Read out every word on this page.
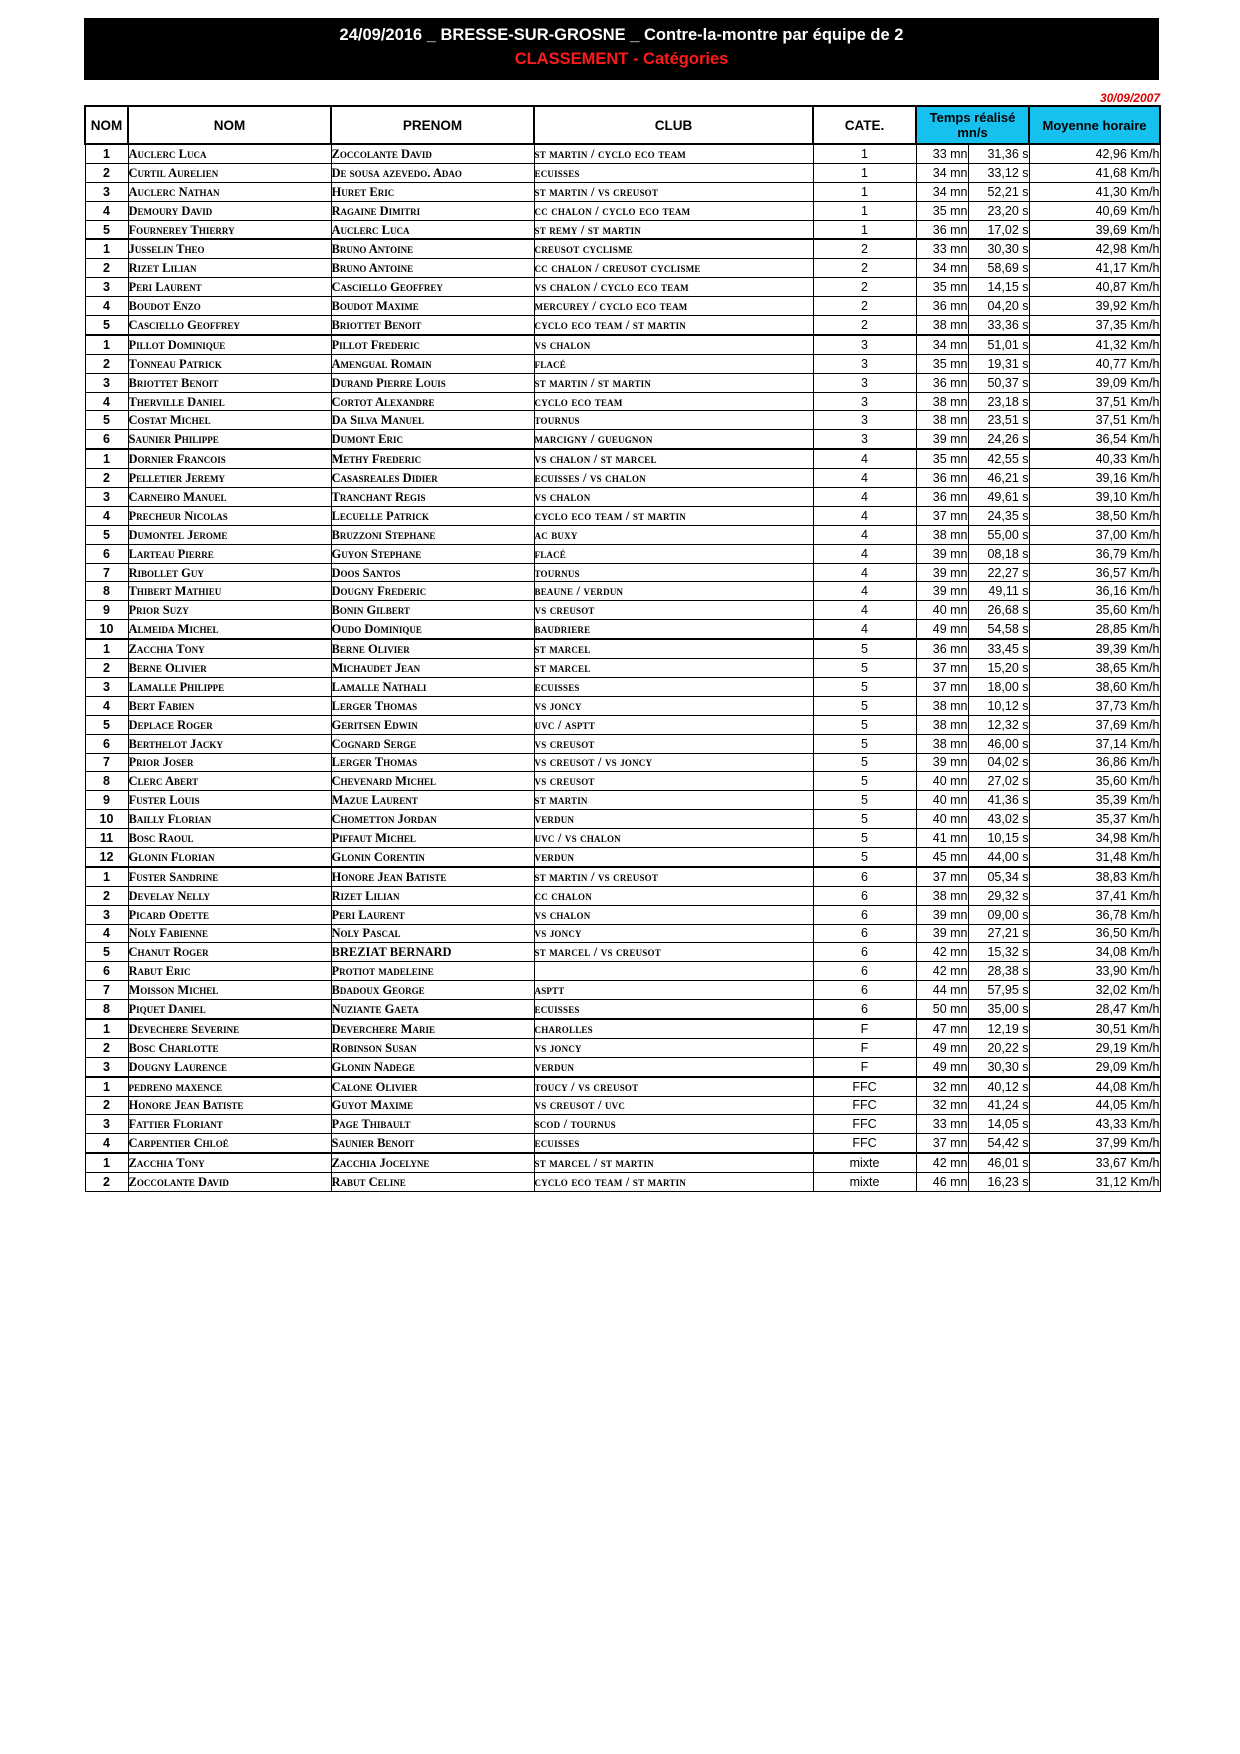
24/09/2016 _ BRESSE-SUR-GROSNE _ Contre-la-montre par équipe de 2
CLASSEMENT - Catégories
30/09/2007
NOM	NOM	PRENOM	CLUB	CATE.	Temps réalisé mn/s		Moyenne horaire
1	Auclerc Luca	Zoccolante David	st martin / cyclo eco team	1	33 mn	31,36 s	42,96 Km/h
2	Curtil Aurelien	De sousa azevedo. Adao	ecuisses	1	34 mn	33,12 s	41,68 Km/h
3	Auclerc Nathan	Huret Eric	st martin / vs creusot	1	34 mn	52,21 s	41,30 Km/h
4	Demoury David	Ragaine Dimitri	cc chalon / cyclo eco team	1	35 mn	23,20 s	40,69 Km/h
5	Fournerey Thierry	Auclerc Luca	st remy / st martin	1	36 mn	17,02 s	39,69 Km/h
1	Jusselin Theo	Bruno Antoine	creusot cyclisme	2	33 mn	30,30 s	42,98 Km/h
2	Rizet Lilian	Bruno Antoine	cc chalon / creusot cyclisme	2	34 mn	58,69 s	41,17 Km/h
3	Peri Laurent	Casciello Geoffrey	vs chalon / cyclo eco team	2	35 mn	14,15 s	40,87 Km/h
4	Boudot Enzo	Boudot Maxime	mercurey / cyclo eco team	2	36 mn	04,20 s	39,92 Km/h
5	Casciello Geoffrey	Briottet Benoit	cyclo eco team / st martin	2	38 mn	33,36 s	37,35 Km/h
1	Pillot Dominique	Pillot Frederic	vs chalon	3	34 mn	51,01 s	41,32 Km/h
2	Tonneau Patrick	Amengual Romain	flacé	3	35 mn	19,31 s	40,77 Km/h
3	Briottet Benoit	Durand Pierre Louis	st martin / st martin	3	36 mn	50,37 s	39,09 Km/h
4	Therville Daniel	Cortot Alexandre	cyclo eco team	3	38 mn	23,18 s	37,51 Km/h
5	Costat Michel	Da Silva Manuel	tournus	3	38 mn	23,51 s	37,51 Km/h
6	Saunier Philippe	Dumont Eric	marcigny / gueugnon	3	39 mn	24,26 s	36,54 Km/h
1	Dornier Francois	Methy Frederic	vs chalon / st marcel	4	35 mn	42,55 s	40,33 Km/h
2	Pelletier Jeremy	Casasreales Didier	ecuisses / vs chalon	4	36 mn	46,21 s	39,16 Km/h
3	Carneiro Manuel	Tranchant Regis	vs chalon	4	36 mn	49,61 s	39,10 Km/h
4	Precheur Nicolas	Lecuelle Patrick	cyclo eco team / st martin	4	37 mn	24,35 s	38,50 Km/h
5	Dumontel Jerome	Bruzzoni Stephane	ac buxy	4	38 mn	55,00 s	37,00 Km/h
6	Larteau Pierre	Guyon Stephane	flacé	4	39 mn	08,18 s	36,79 Km/h
7	Ribollet Guy	Doos Santos	tournus	4	39 mn	22,27 s	36,57 Km/h
8	Thibert Mathieu	Dougny Frederic	beaune / verdun	4	39 mn	49,11 s	36,16 Km/h
9	Prior Suzy	Bonin Gilbert	vs creusot	4	40 mn	26,68 s	35,60 Km/h
10	Almeida Michel	Oudo Dominique	baudriere	4	49 mn	54,58 s	28,85 Km/h
1	Zacchia Tony	Berne Olivier	st marcel	5	36 mn	33,45 s	39,39 Km/h
2	Berne Olivier	Michaudet Jean	st marcel	5	37 mn	15,20 s	38,65 Km/h
3	Lamalle Philippe	Lamalle Nathali	ecuisses	5	37 mn	18,00 s	38,60 Km/h
4	Bert Fabien	Lerger Thomas	vs joncy	5	38 mn	10,12 s	37,73 Km/h
5	Deplace Roger	Geritsen Edwin	uvc / asptt	5	38 mn	12,32 s	37,69 Km/h
6	Berthelot Jacky	Cognard Serge	vs creusot	5	38 mn	46,00 s	37,14 Km/h
7	Prior Joser	Lerger Thomas	vs creusot / vs joncy	5	39 mn	04,02 s	36,86 Km/h
8	Clerc Abert	Chevenard Michel	vs creusot	5	40 mn	27,02 s	35,60 Km/h
9	Fuster Louis	Mazue Laurent	st martin	5	40 mn	41,36 s	35,39 Km/h
10	Bailly Florian	Chometton Jordan	verdun	5	40 mn	43,02 s	35,37 Km/h
11	Bosc Raoul	Piffaut Michel	uvc / vs chalon	5	41 mn	10,15 s	34,98 Km/h
12	Glonin Florian	Glonin Corentin	verdun	5	45 mn	44,00 s	31,48 Km/h
1	Fuster Sandrine	Honore Jean Batiste	st martin / vs creusot	6	37 mn	05,34 s	38,83 Km/h
2	Develay Nelly	Rizet Lilian	cc chalon	6	38 mn	29,32 s	37,41 Km/h
3	Picard Odette	Peri Laurent	vs chalon	6	39 mn	09,00 s	36,78 Km/h
4	Noly Fabienne	Noly Pascal	vs joncy	6	39 mn	27,21 s	36,50 Km/h
5	Chanut Roger	BREZIAT BERNARD	st marcel / vs creusot	6	42 mn	15,32 s	34,08 Km/h
6	Rabut Eric	Protiot madeleine		6	42 mn	28,38 s	33,90 Km/h
7	Moisson Michel	Bdadoux George	asptt	6	44 mn	57,95 s	32,02 Km/h
8	Piquet Daniel	Nuziante Gaeta	ecuisses	6	50 mn	35,00 s	28,47 Km/h
1	Devechere Severine	Deverchere Marie	charolles	F	47 mn	12,19 s	30,51 Km/h
2	Bosc Charlotte	Robinson Susan	vs joncy	F	49 mn	20,22 s	29,19 Km/h
3	Dougny Laurence	Glonin Nadege	verdun	F	49 mn	30,30 s	29,09 Km/h
1	pedreno maxence	Calone Olivier	toucy / vs creusot	FFC	32 mn	40,12 s	44,08 Km/h
2	Honore Jean Batiste	Guyot Maxime	vs creusot / uvc	FFC	32 mn	41,24 s	44,05 Km/h
3	Fattier Floriant	Page Thibault	scod / tournus	FFC	33 mn	14,05 s	43,33 Km/h
4	Carpentier Chloé	Saunier Benoit	ecuisses	FFC	37 mn	54,42 s	37,99 Km/h
1	Zacchia Tony	Zacchia Jocelyne	st marcel / st martin	mixte	42 mn	46,01 s	33,67 Km/h
2	Zoccolante David	Rabut Celine	cyclo eco team / st martin	mixte	46 mn	16,23 s	31,12 Km/h
